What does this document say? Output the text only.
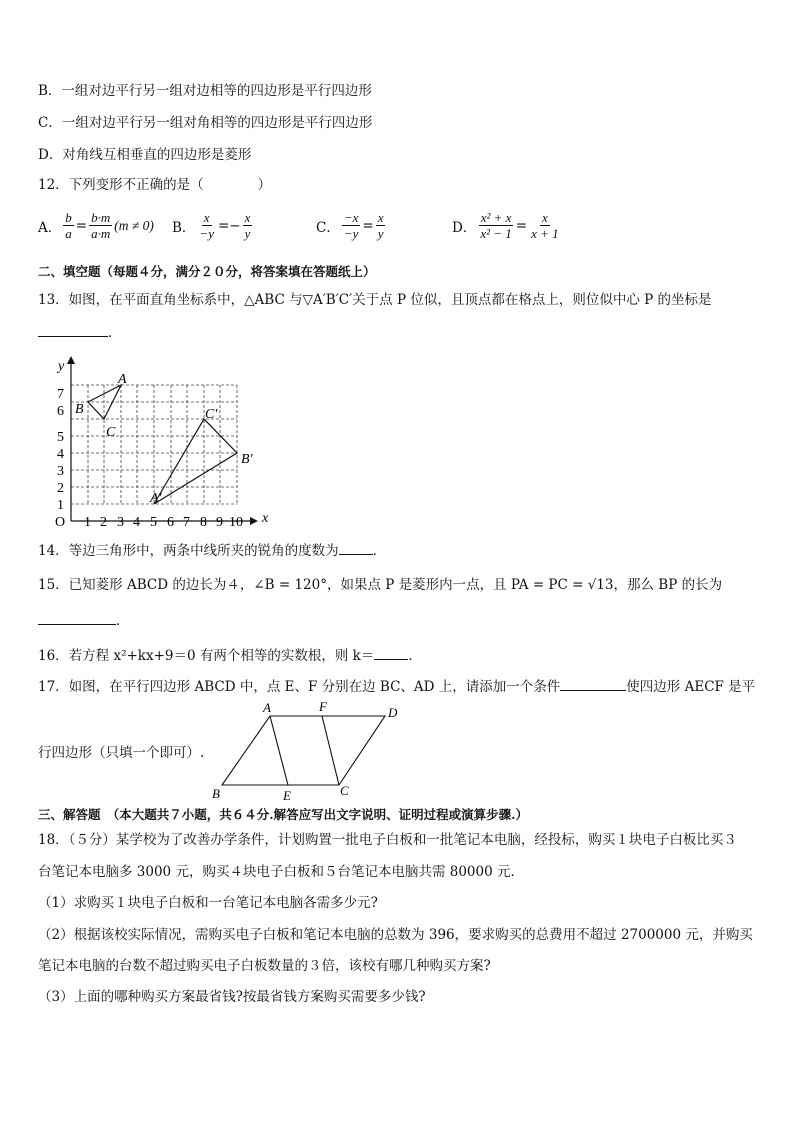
B．一组对边平行另一组对边相等的四边形是平行四边形
C．一组对边平行另一组对角相等的四边形是平行四边形
D．对角线互相垂直的四边形是菱形
12．下列变形不正确的是（　　　　）
A． $\frac{b}{a} = \frac{b\cdot m}{a\cdot m} (m \ne 0)$ B． $\frac{x}{-y}$ = − $\frac{x}{y}$	C． $\frac{-x}{-y} = \frac{x}{y}$	D． $\frac{\text{x² + x}}{\text{x² − 1}} = \frac{x}{x + 1}$
二、填空题（每题４分，满分２０分，将答案填在答题纸上）
13．如图，在平面直角坐标系中，△ABC 与▽A′B′C′关于点 P 位似，且顶点都在格点上，则位似中心 P 的坐标是
．
x
y
A
B
C
A′
B′
C′
O 1 2 3 4 5 6 7 8 9 10
1
2
3
4
5
6
7
14．等边三角形中，两条中线所夹的锐角的度数为	．
15．已知菱形 ABCD 的边长为４，∠B = 120°，如果点 P 是菱形内一点，且 PA = PC = √13，那么 BP 的长为
．
16．若方程 x²+kx+9＝0 有两个相等的实数根，则 k＝	．
17．如图，在平行四边形 ABCD 中，点 E、F 分别在边 BC、AD 上，请添加一个条件	使四边形 AECF 是平
行四边形（只填一个即可）.
A	F	D
B	E	C
三、解答题　（本大题共７小题，共６４分.解答应写出文字说明、证明过程或演算步骤.）
18．（５分）某学校为了改善办学条件，计划购置一批电子白板和一批笔记本电脑，经投标，购买１块电子白板比买３
台笔记本电脑多 3000 元，购买４块电子白板和５台笔记本电脑共需 80000 元．
（1）求购买１块电子白板和一台笔记本电脑各需多少元?
（2）根据该校实际情况，需购买电子白板和笔记本电脑的总数为 396，要求购买的总费用不超过 2700000 元，并购买
笔记本电脑的台数不超过购买电子白板数量的３倍，该校有哪几种购买方案?
（3）上面的哪种购买方案最省钱?按最省钱方案购买需要多少钱?
